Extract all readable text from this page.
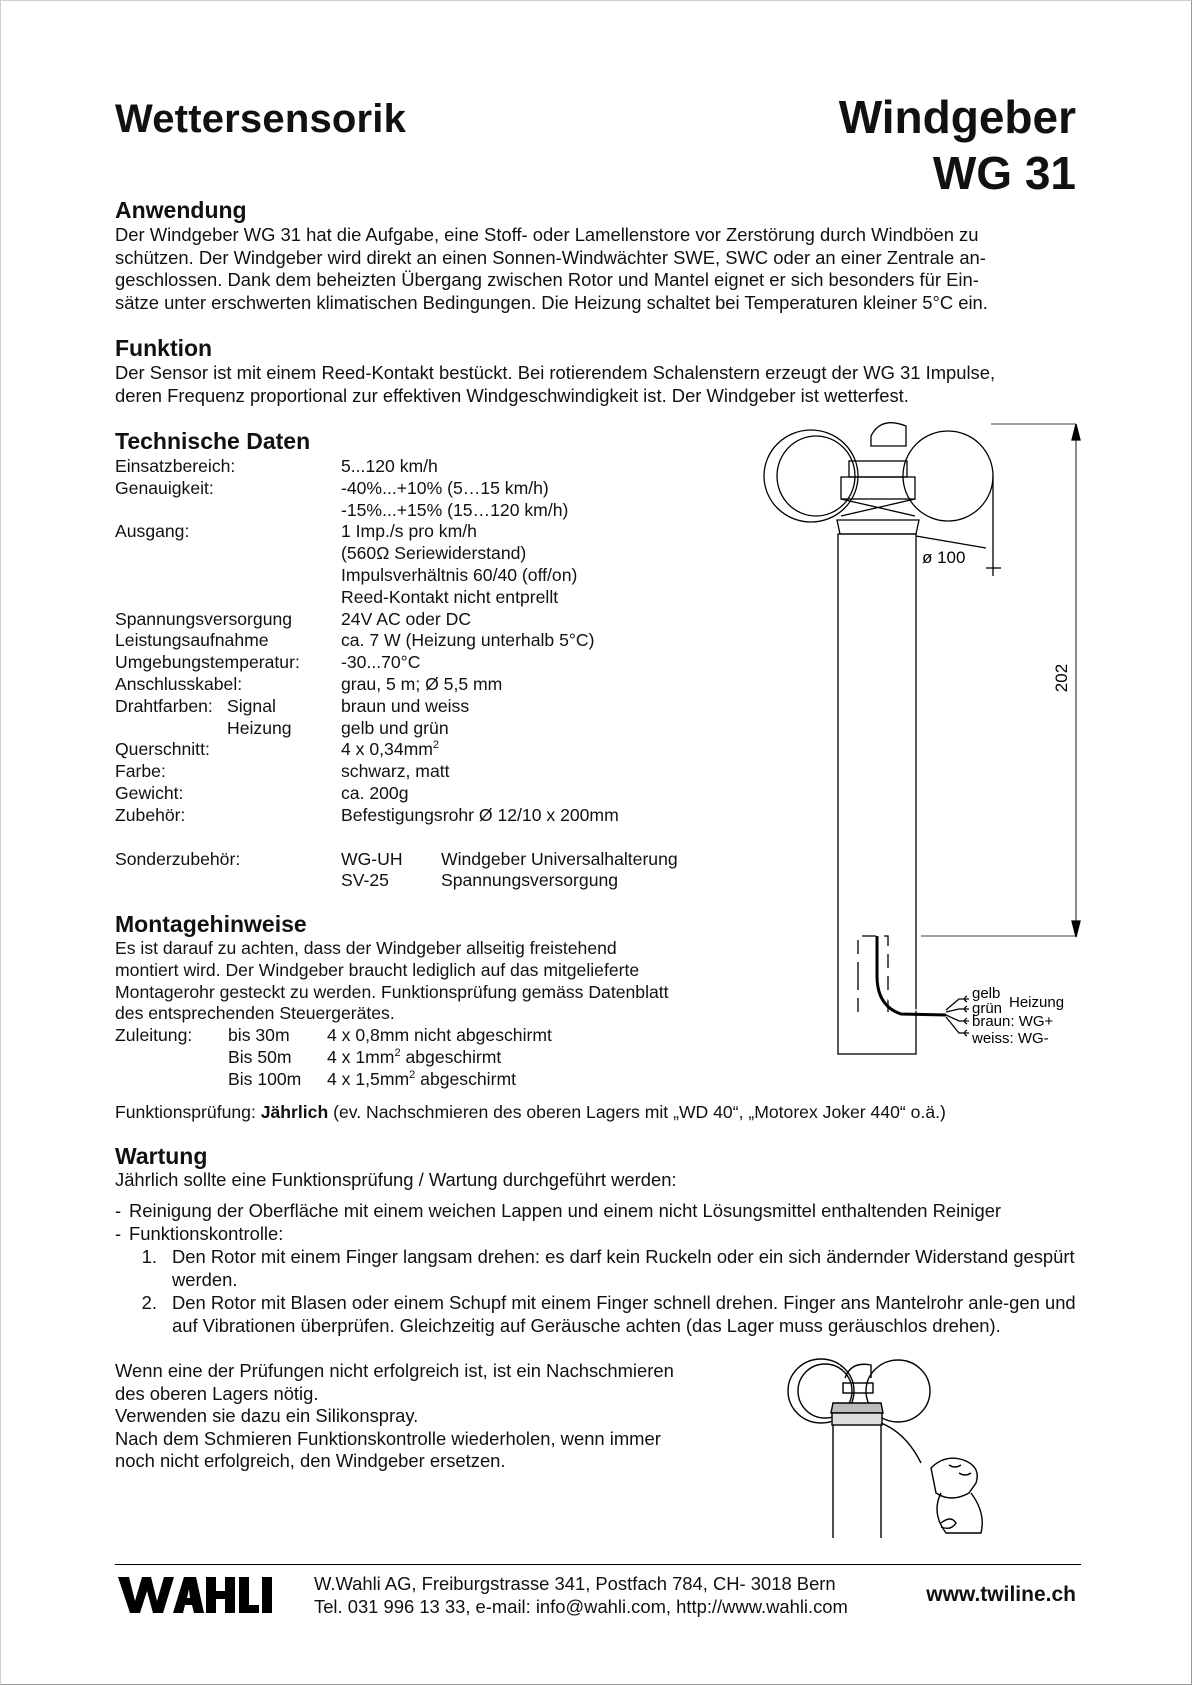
Wettersensorik	Windgeber
WG 31
Anwendung
Der Windgeber WG 31 hat die Aufgabe, eine Stoff- oder Lamellenstore vor Zerstörung durch Windböen zu
schützen. Der Windgeber wird direkt an einen Sonnen-Windwächter SWE, SWC oder an einer Zentrale an-
geschlossen. Dank dem beheizten Übergang zwischen Rotor und Mantel eignet er sich besonders für Ein-
sätze unter erschwerten klimatischen Bedingungen. Die Heizung schaltet bei Temperaturen kleiner 5°C ein.
Funktion
Der Sensor ist mit einem Reed-Kontakt bestückt. Bei rotierendem Schalenstern erzeugt der WG 31 Impulse,
deren Frequenz proportional zur effektiven Windgeschwindigkeit ist. Der Windgeber ist wetterfest.
Technische Daten
Einsatzbereich:	5...120 km/h
Genauigkeit:	-40%...+10% (5…15 km/h)
-15%...+15% (15…120 km/h)
Ausgang:	1 Imp./s pro km/h
(560Ω Seriewiderstand)
Impulsverhältnis 60/40 (off/on)
Reed-Kontakt nicht entprellt
Spannungsversorgung	24V AC oder DC
Leistungsaufnahme	ca. 7 W (Heizung unterhalb 5°C)
Umgebungstemperatur:	-30...70°C
Anschlusskabel:	grau, 5 m; Ø 5,5 mm
Drahtfarben: Signal	braun und weiss
Heizung	gelb und grün
Querschnitt:	4 x $0,34mm^2$
Farbe:	schwarz, matt
Gewicht:	ca. 200g
Zubehör:	Befestigungsrohr Ø 12/10 x 200mm
Sonderzubehör:	WG-UH Windgeber Universalhalterung
SV-25	Spannungsversorgung
ø 100
202
gelb
grün Heizung
braun: WG+
weiss: WG-
Montagehinweise
Es ist darauf zu achten, dass der Windgeber allseitig freistehend
montiert wird. Der Windgeber braucht lediglich auf das mitgelieferte
Montagerohr gesteckt zu werden. Funktionsprüfung gemäss Datenblatt
des entsprechenden Steuergerätes.
Zuleitung:	bis 30m	4 x 0,8mm nicht abgeschirmt
Bis 50m	4 x $1mm^2$ abgeschirmt
Bis 100m	4 x $1,5mm^2$ abgeschirmt
Funktionsprüfung: Jährlich (ev. Nachschmieren des oberen Lagers mit „WD 40“, „Motorex Joker 440“ o.ä.)
Wartung
Jährlich sollte eine Funktionsprüfung / Wartung durchgeführt werden:
- Reinigung der Oberfläche mit einem weichen Lappen und einem nicht Lösungsmittel enthaltenden Reiniger
- Funktionskontrolle:
1. Den Rotor mit einem Finger langsam drehen: es darf kein Ruckeln oder ein sich ändernder Widerstand gespürt werden.
2. Den Rotor mit Blasen oder einem Schupf mit einem Finger schnell drehen. Finger ans Mantelrohr anle-gen und auf Vibrationen überprüfen. Gleichzeitig auf Geräusche achten (das Lager muss geräuschlos drehen).
Wenn eine der Prüfungen nicht erfolgreich ist, ist ein Nachschmieren
des oberen Lagers nötig.
Verwenden sie dazu ein Silikonspray.
Nach dem Schmieren Funktionskontrolle wiederholen, wenn immer
noch nicht erfolgreich, den Windgeber ersetzen.
W.Wahli AG, Freiburgstrasse 341, Postfach 784, CH- 3018 Bern
Tel. 031 996 13 33, e-mail: info@wahli.com, http://www.wahli.com
www.twiline.ch
